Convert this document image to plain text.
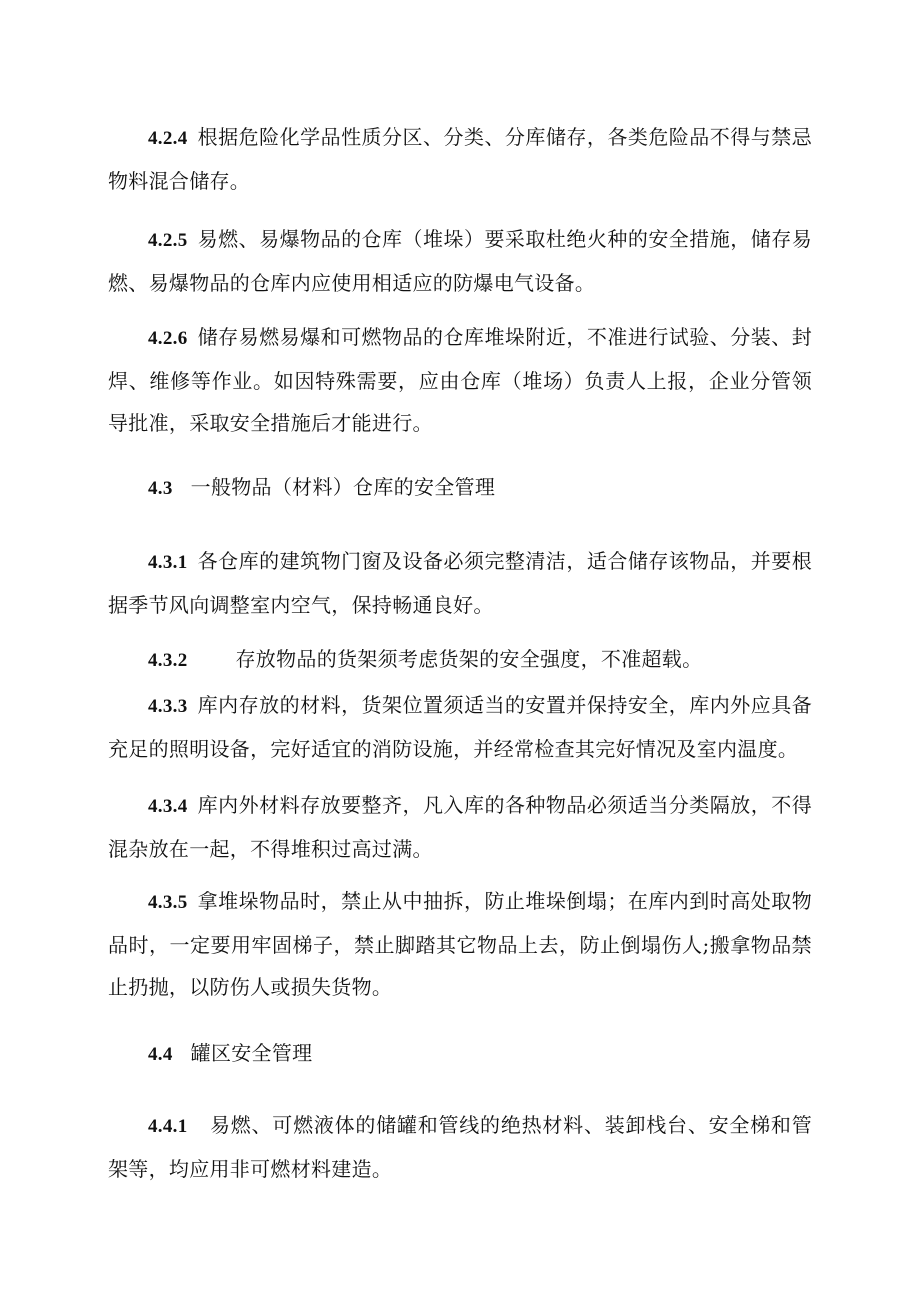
4.2.4 根据危险化学品性质分区、分类、分库储存，各类危险品不得与禁忌物料混合储存。

4.2.5 易燃、易爆物品的仓库（堆垛）要采取杜绝火种的安全措施，储存易燃、易爆物品的仓库内应使用相适应的防爆电气设备。

4.2.6 储存易燃易爆和可燃物品的仓库堆垛附近，不准进行试验、分装、封焊、维修等作业。如因特殊需要，应由仓库（堆场）负责人上报，企业分管领导批准，采取安全措施后才能进行。

4.3 一般物品（材料）仓库的安全管理

4.3.1 各仓库的建筑物门窗及设备必须完整清洁，适合储存该物品，并要根据季节风向调整室内空气，保持畅通良好。

4.3.2 存放物品的货架须考虑货架的安全强度，不准超载。

4.3.3 库内存放的材料，货架位置须适当的安置并保持安全，库内外应具备充足的照明设备，完好适宜的消防设施，并经常检查其完好情况及室内温度。

4.3.4 库内外材料存放要整齐，凡入库的各种物品必须适当分类隔放，不得混杂放在一起，不得堆积过高过满。

4.3.5 拿堆垛物品时，禁止从中抽拆，防止堆垛倒塌；在库内到时高处取物品时，一定要用牢固梯子，禁止脚踏其它物品上去，防止倒塌伤人;搬拿物品禁止扔抛，以防伤人或损失货物。

4.4 罐区安全管理

4.4.1 易燃、可燃液体的储罐和管线的绝热材料、装卸栈台、安全梯和管架等，均应用非可燃材料建造。
